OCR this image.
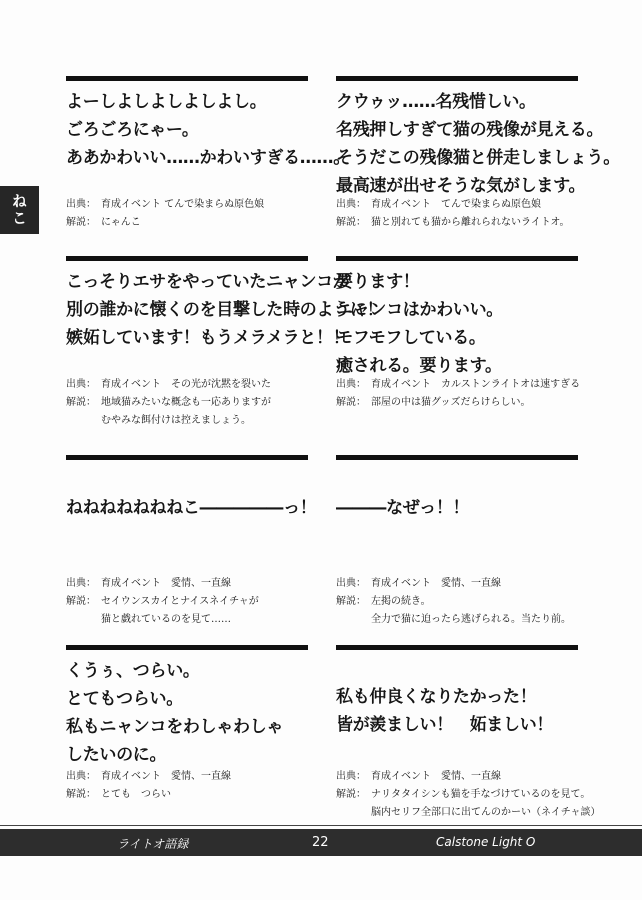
ねこ
よーしよしよしよしよし。
ごろごろにゃー。
ああかわいい……かわいすぎる……。
出典： 育成イベント てんで染まらぬ原色娘
解説： にゃんこ
クウゥッ……名残惜しい。
名残押しすぎて猫の残像が見える。
そうだこの残像猫と併走しましょう。
最高速が出せそうな気がします。
出典： 育成イベント　てんで染まらぬ原色娘
解説： 猫と別れても猫から離れられないライトオ。
こっそりエサをやっていたニャンコが
別の誰かに懐くのを目撃した時のように！
嫉妬しています！もうメラメラと！！
出典： 育成イベント　その光が沈黙を裂いた
解説： 地域猫みたいな概念も一応ありますが
むやみな餌付けは控えましょう。
要ります！
ニャンコはかわいい。
モフモフしている。
癒される。要ります。
出典： 育成イベント　カルストンライトオは速すぎる
解説： 部屋の中は猫グッズだらけらしい。
ねねねねねねねこ―――――っ！
出典： 育成イベント　愛情、一直線
解説： セイウンスカイとナイスネイチャが
猫と戯れているのを見て……
―――なぜっ！！
出典： 育成イベント　愛情、一直線
解説： 左掲の続き。
全力で猫に迫ったら逃げられる。当たり前。
くうぅ、つらい。
とてもつらい。
私もニャンコをわしゃわしゃ
したいのに。
出典： 育成イベント　愛情、一直線
解説： とても　つらい
私も仲良くなりたかった！
皆が羨ましい！　妬ましい！
出典： 育成イベント　愛情、一直線
解説： ナリタタイシンも猫を手なづけているのを見て。
脳内セリフ全部口に出てんのかーい（ネイチャ談）
ライトオ語録	22	Calstone Light O
